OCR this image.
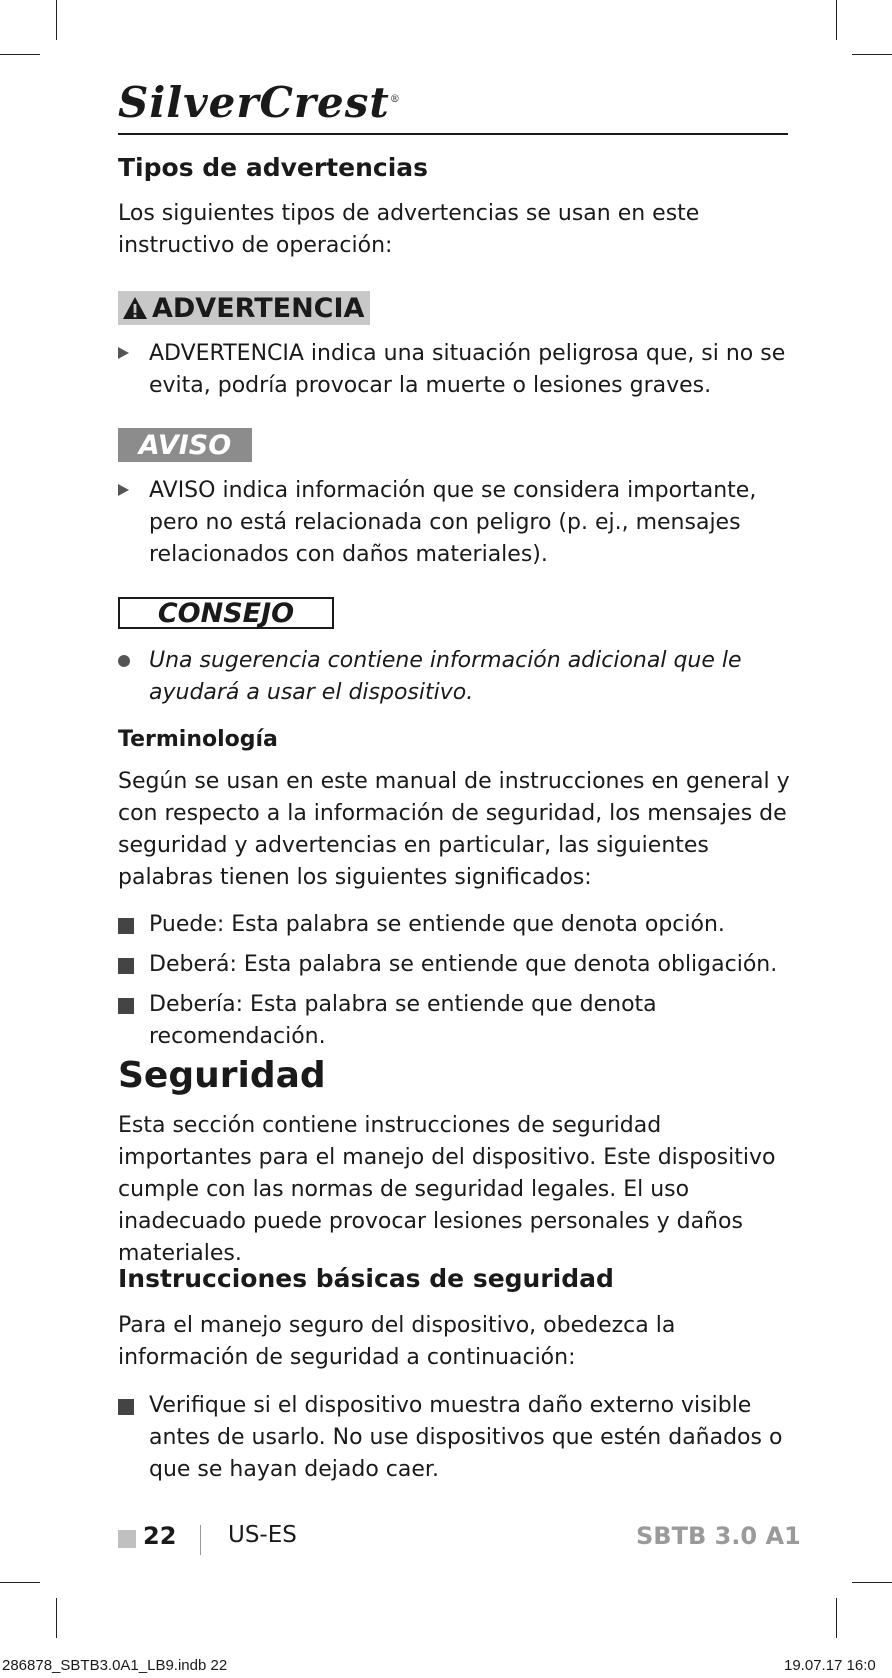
SilverCrest®
Tipos de advertencias
Los siguientes tipos de advertencias se usan en este instructivo de operación:
ADVERTENCIA
ADVERTENCIA indica una situación peligrosa que, si no se evita, podría provocar la muerte o lesiones graves.
AVISO
AVISO indica información que se considera importante, pero no está relacionada con peligro (p. ej., mensajes relacionados con daños materiales).
CONSEJO
Una sugerencia contiene información adicional que le ayudará a usar el dispositivo.
Terminología
Según se usan en este manual de instrucciones en general y con respecto a la información de seguridad, los mensajes de seguridad y advertencias en particular, las siguientes palabras tienen los siguientes significados:
Puede: Esta palabra se entiende que denota opción.
Deberá: Esta palabra se entiende que denota obligación.
Debería: Esta palabra se entiende que denota recomendación.
Seguridad
Esta sección contiene instrucciones de seguridad importantes para el manejo del dispositivo. Este dispositivo cumple con las normas de seguridad legales. El uso inadecuado puede provocar lesiones personales y daños materiales.
Instrucciones básicas de seguridad
Para el manejo seguro del dispositivo, obedezca la información de seguridad a continuación:
Verifique si el dispositivo muestra daño externo visible antes de usarlo. No use dispositivos que estén dañados o que se hayan dejado caer.
22 US-ES	SBTB 3.0 A1
286878_SBTB3.0A1_LB9.indb 22	19.07.17 16:0
